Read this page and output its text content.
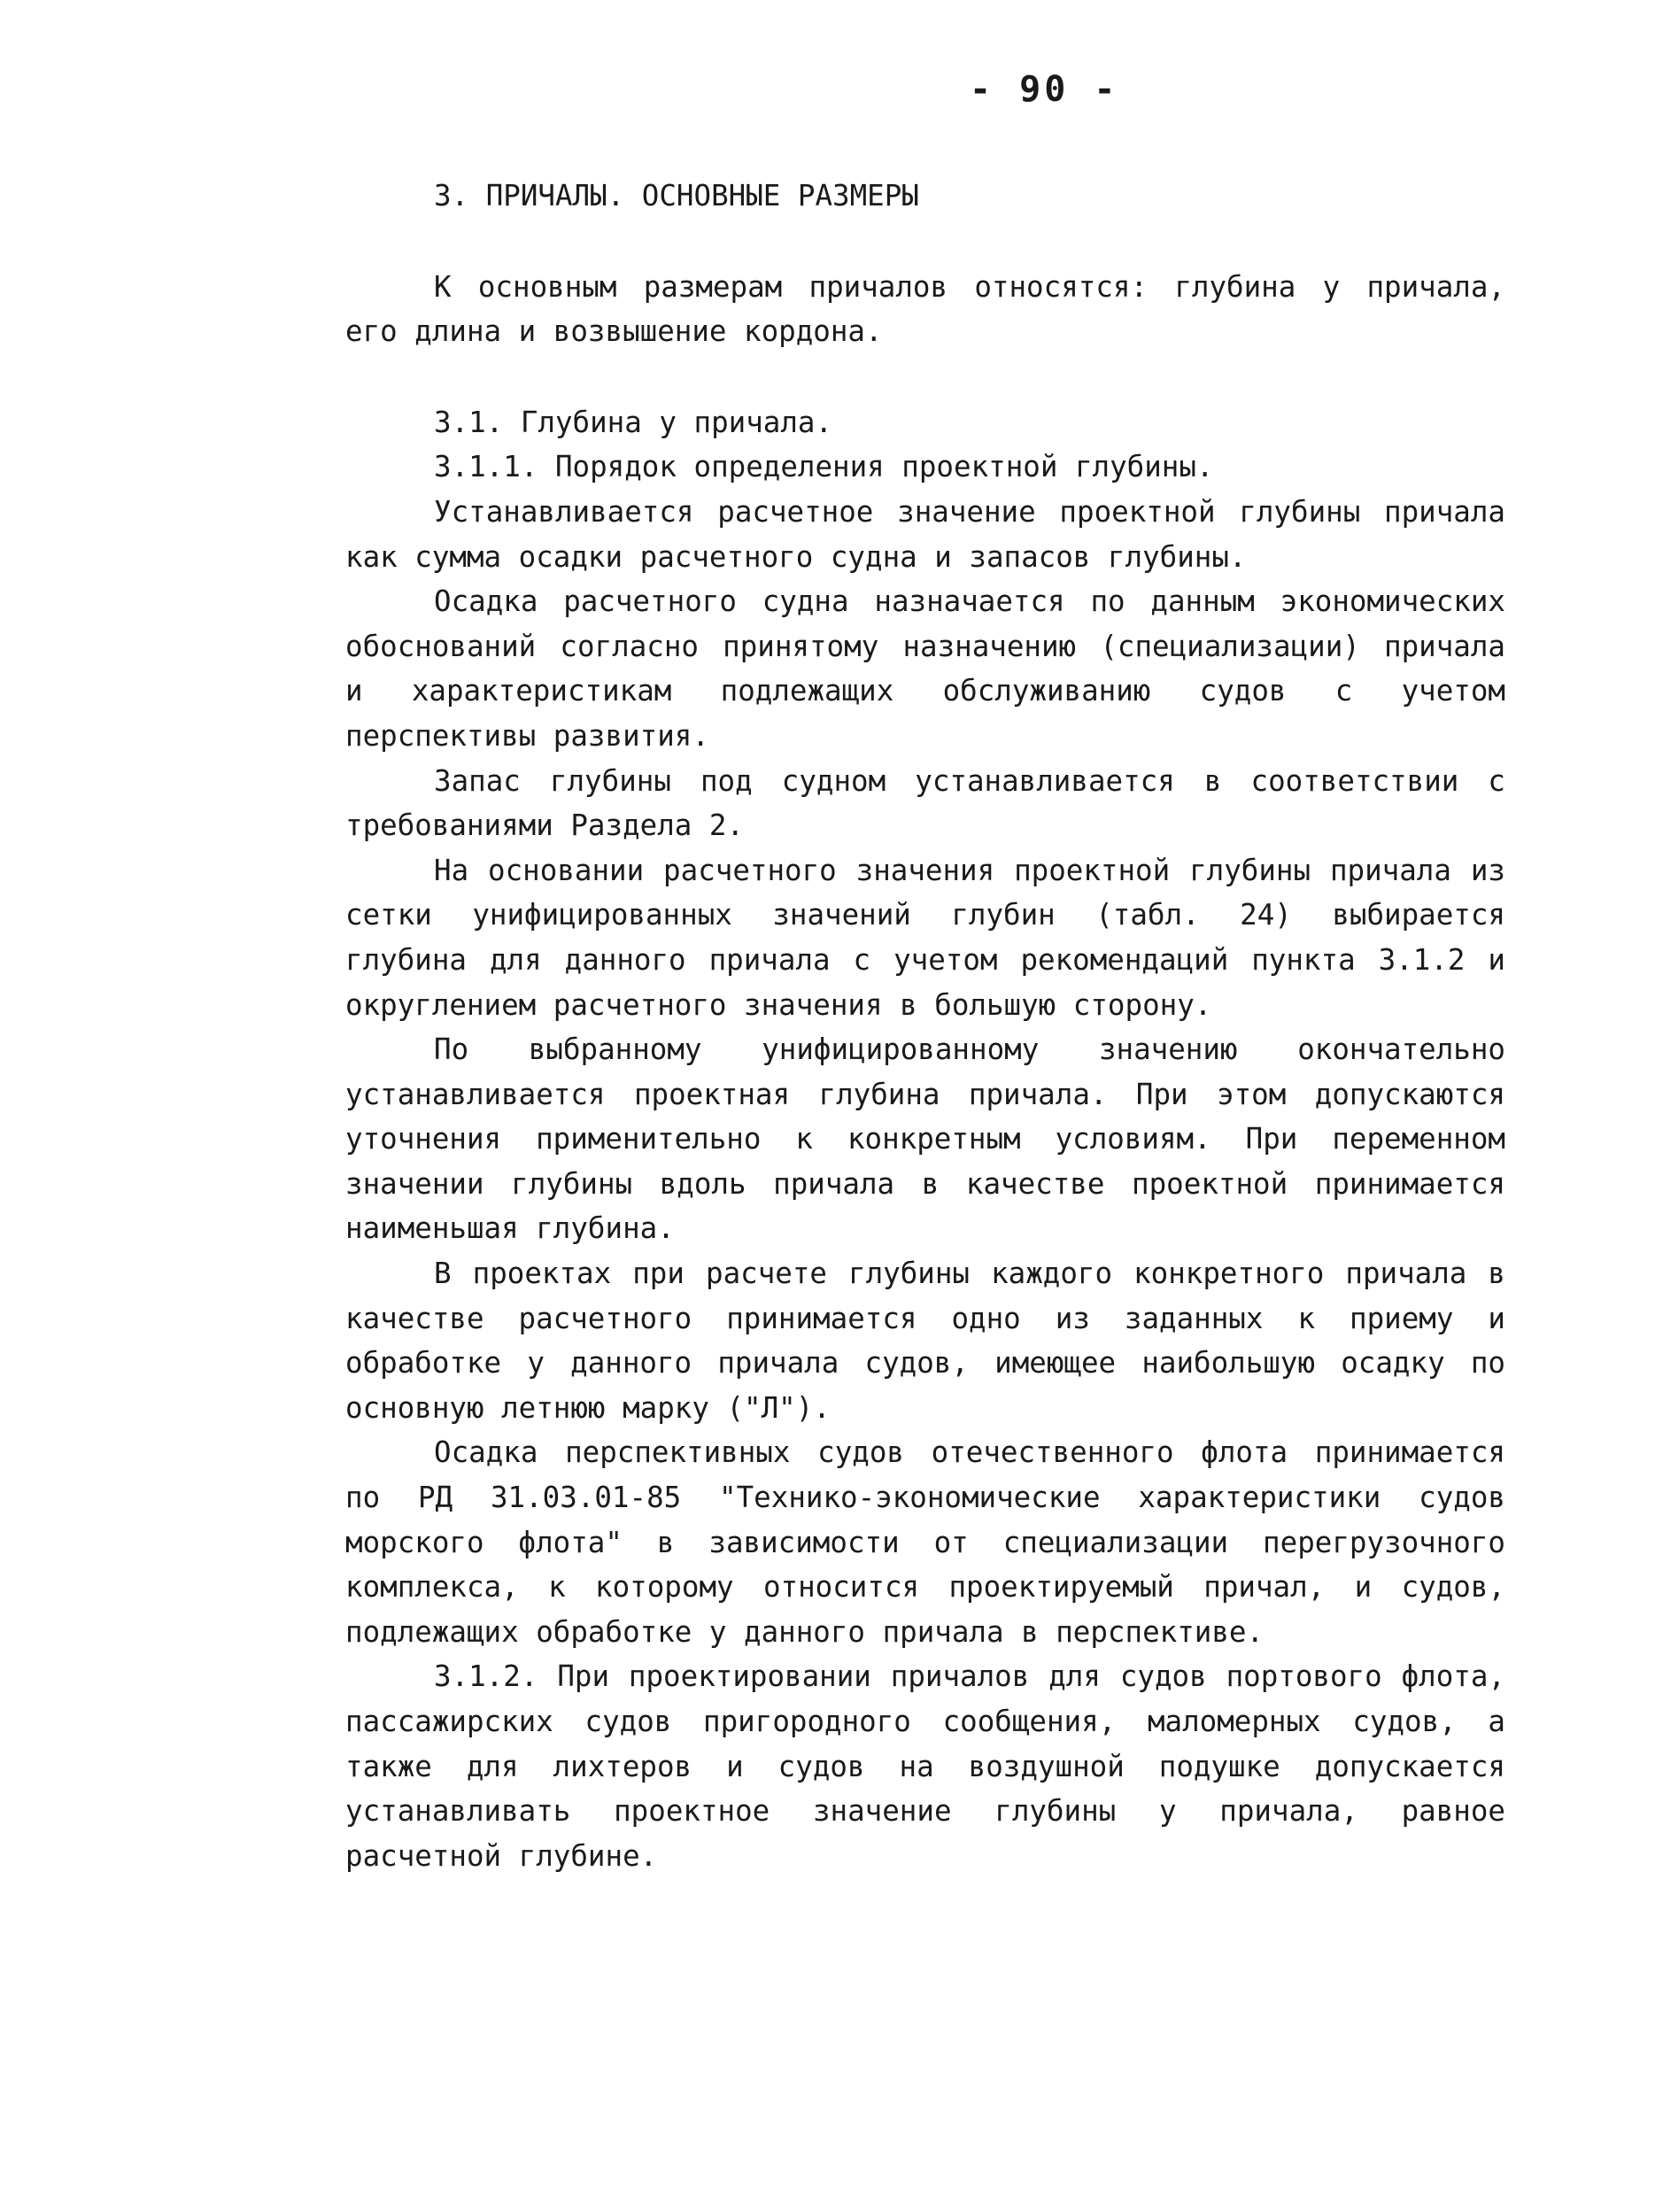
- 90 -

3. ПРИЧАЛЫ. ОСНОВНЫЕ РАЗМЕРЫ

К основным размерам причалов относятся: глубина у причала, его длина и возвышение кордона.

3.1. Глубина у причала.

3.1.1. Порядок определения проектной глубины.

Устанавливается расчетное значение проектной глубины причала как сумма осадки расчетного судна и запасов глубины.

Осадка расчетного судна назначается по данным экономических обоснований согласно принятому назначению (специализации) причала и характеристикам подлежащих обслуживанию судов с учетом перспективы развития.

Запас глубины под судном устанавливается в соответствии с требованиями Раздела 2.

На основании расчетного значения проектной глубины причала из сетки унифицированных значений глубин (табл. 24) выбирается глубина для данного причала с учетом рекомендаций пункта 3.1.2 и округлением расчетного значения в большую сторону.

По выбранному унифицированному значению окончательно устанавливается проектная глубина причала. При этом допускаются уточнения применительно к конкретным условиям. При переменном значении глубины вдоль причала в качестве проектной принимается наименьшая глубина.

В проектах при расчете глубины каждого конкретного причала в качестве расчетного принимается одно из заданных к приему и обработке у данного причала судов, имеющее наибольшую осадку по основную летнюю марку ("Л").

Осадка перспективных судов отечественного флота принимается по РД 31.03.01-85 "Технико-экономические характеристики судов морского флота" в зависимости от специализации перегрузочного комплекса, к которому относится проектируемый причал, и судов, подлежащих обработке у данного причала в перспективе.

3.1.2. При проектировании причалов для судов портового флота, пассажирских судов пригородного сообщения, маломерных судов, а также для лихтеров и судов на воздушной подушке допускается устанавливать проектное значение глубины у причала, равное расчетной глубине.
